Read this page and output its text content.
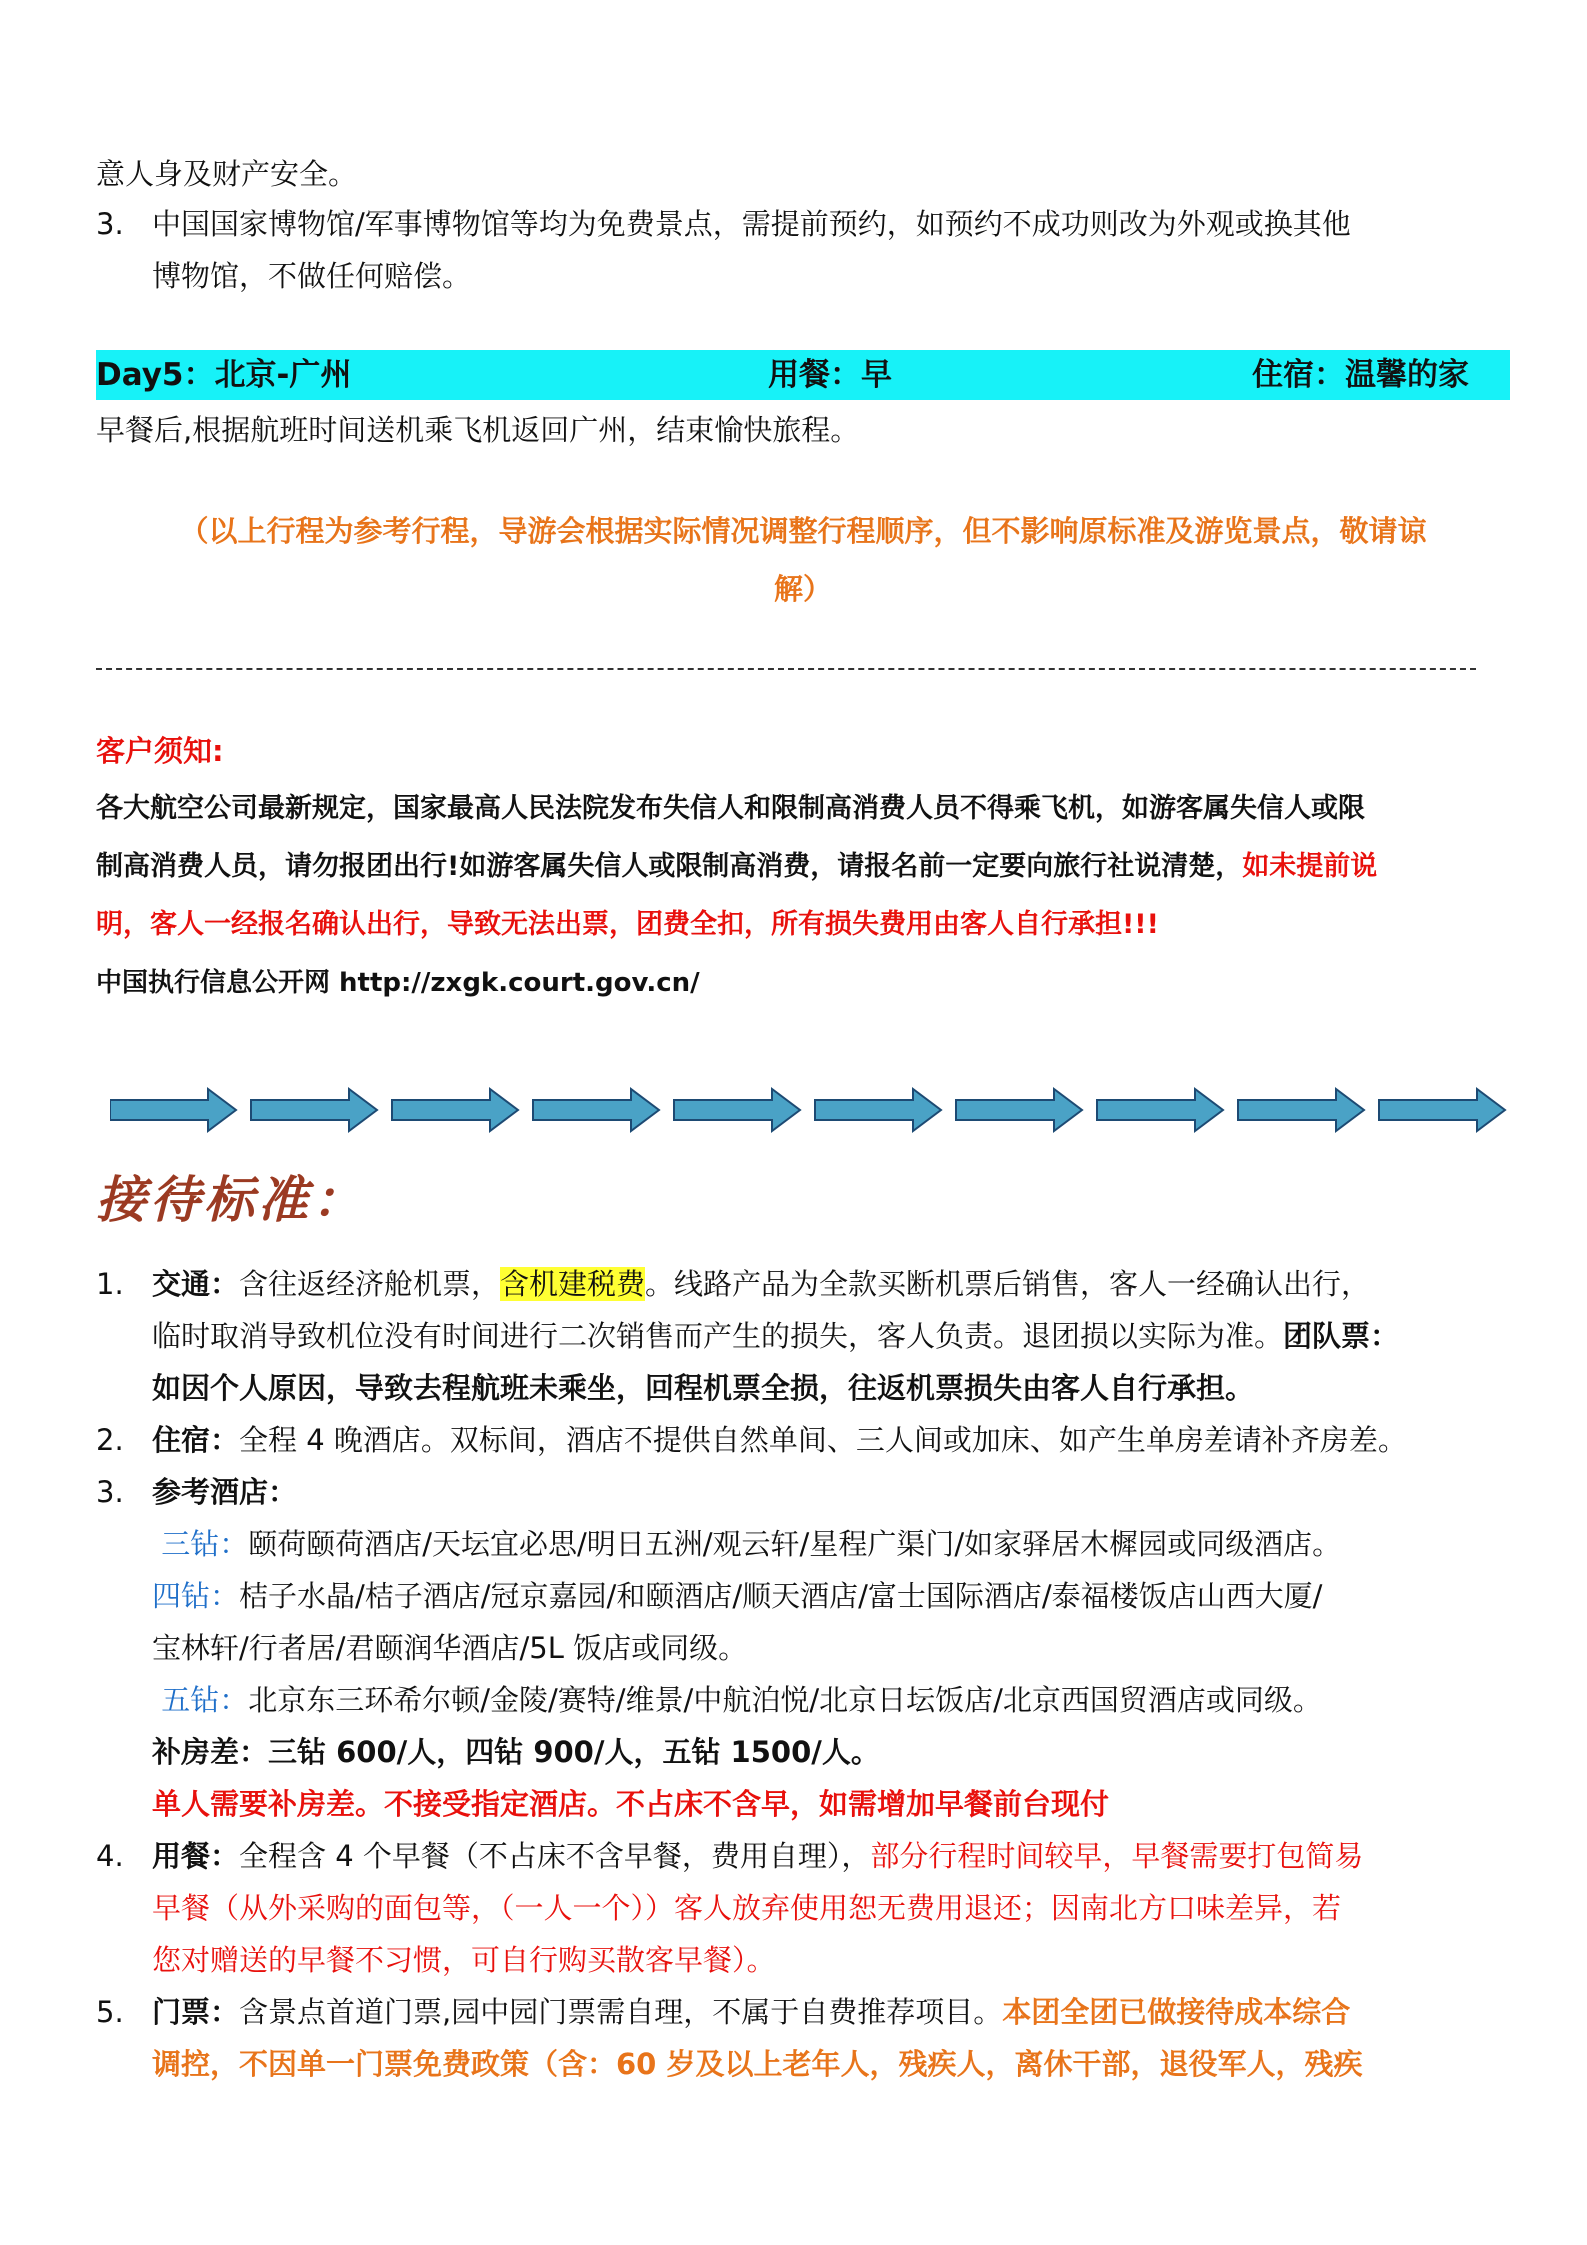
意人身及财产安全。
3. 中国国家博物馆/军事博物馆等均为免费景点，需提前预约，如预约不成功则改为外观或换其他

博物馆，不做任何赔偿。

Day5：北京-广州	用餐：早	住宿：温馨的家
早餐后,根据航班时间送机乘飞机返回广州，结束愉快旅程。
（以上行程为参考行程，导游会根据实际情况调整行程顺序，但不影响原标准及游览景点，敬请谅
解）
客户须知:
各大航空公司最新规定，国家最高人民法院发布失信人和限制高消费人员不得乘飞机，如游客属失信人或限
制高消费人员，请勿报团出行!如游客属失信人或限制高消费，请报名前一定要向旅行社说清楚，如未提前说
明，客人一经报名确认出行，导致无法出票，团费全扣，所有损失费用由客人自行承担!!!
中国执行信息公开网 http://zxgk.court.gov.cn/
接待标准：
1. 交通：含往返经济舱机票，含机建税费。线路产品为全款买断机票后销售，客人一经确认出行，

临时取消导致机位没有时间进行二次销售而产生的损失，客人负责。退团损以实际为准。团队票：

如因个人原因，导致去程航班未乘坐，回程机票全损，往返机票损失由客人自行承担。

2. 住宿：全程 4 晚酒店。双标间，酒店不提供自然单间、三人间或加床、如产生单房差请补齐房差。

3. 参考酒店：

三钻：颐荷颐荷酒店/天坛宜必思/明日五洲/观云轩/星程广渠门/如家驿居木樨园或同级酒店。

四钻：桔子水晶/桔子酒店/冠京嘉园/和颐酒店/顺天酒店/富士国际酒店/泰福楼饭店山西大厦/

宝林轩/行者居/君颐润华酒店/5L 饭店或同级。

五钻：北京东三环希尔顿/金陵/赛特/维景/中航泊悦/北京日坛饭店/北京西国贸酒店或同级。

补房差：三钻 600/人，四钻 900/人，五钻 1500/人。

单人需要补房差。不接受指定酒店。不占床不含早，如需增加早餐前台现付

4. 用餐：全程含 4 个早餐（不占床不含早餐，费用自理），部分行程时间较早，早餐需要打包简易

早餐（从外采购的面包等，（一人一个））客人放弃使用恕无费用退还；因南北方口味差异，若

您对赠送的早餐不习惯，可自行购买散客早餐）。

5. 门票：含景点首道门票,园中园门票需自理，不属于自费推荐项目。本团全团已做接待成本综合

调控，不因单一门票免费政策（含：60 岁及以上老年人，残疾人，离休干部，退役军人，残疾
